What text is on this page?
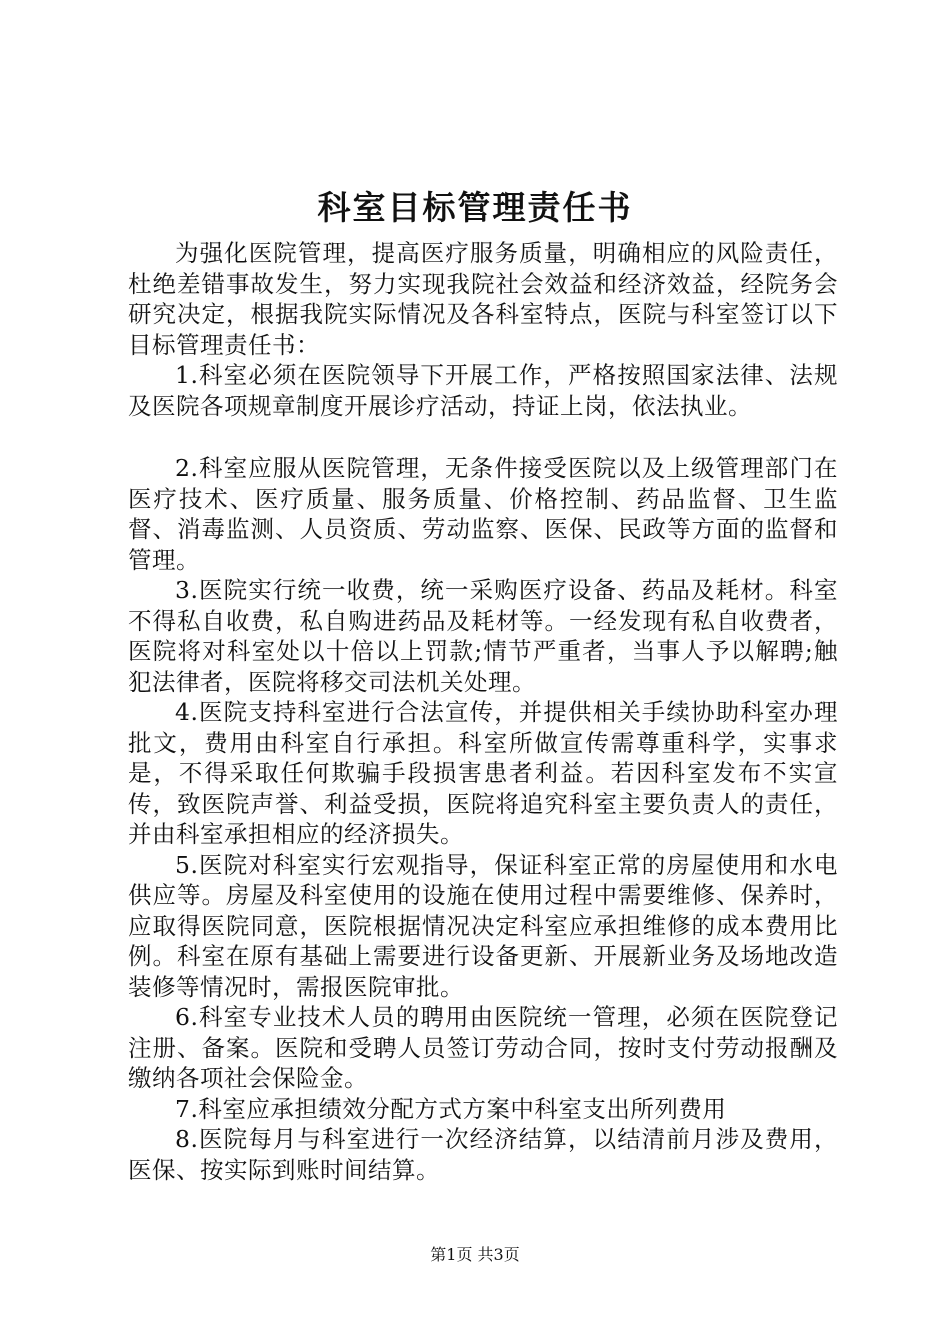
科室目标管理责任书

为强化医院管理，提高医疗服务质量，明确相应的风险责任，杜绝差错事故发生，努力实现我院社会效益和经济效益，经院务会研究决定，根据我院实际情况及各科室特点，医院与科室签订以下目标管理责任书：

1.科室必须在医院领导下开展工作，严格按照国家法律、法规及医院各项规章制度开展诊疗活动，持证上岗，依法执业。

2.科室应服从医院管理，无条件接受医院以及上级管理部门在医疗技术、医疗质量、服务质量、价格控制、药品监督、卫生监督、消毒监测、人员资质、劳动监察、医保、民政等方面的监督和管理。

3.医院实行统一收费，统一采购医疗设备、药品及耗材。科室不得私自收费，私自购进药品及耗材等。一经发现有私自收费者，医院将对科室处以十倍以上罚款;情节严重者，当事人予以解聘;触犯法律者，医院将移交司法机关处理。

4.医院支持科室进行合法宣传，并提供相关手续协助科室办理批文，费用由科室自行承担。科室所做宣传需尊重科学，实事求是，不得采取任何欺骗手段损害患者利益。若因科室发布不实宣传，致医院声誉、利益受损，医院将追究科室主要负责人的责任，并由科室承担相应的经济损失。

5.医院对科室实行宏观指导，保证科室正常的房屋使用和水电供应等。房屋及科室使用的设施在使用过程中需要维修、保养时，应取得医院同意，医院根据情况决定科室应承担维修的成本费用比例。科室在原有基础上需要进行设备更新、开展新业务及场地改造装修等情况时，需报医院审批。

6.科室专业技术人员的聘用由医院统一管理，必须在医院登记注册、备案。医院和受聘人员签订劳动合同，按时支付劳动报酬及缴纳各项社会保险金。

7.科室应承担绩效分配方式方案中科室支出所列费用

8.医院每月与科室进行一次经济结算，以结清前月涉及费用，医保、按实际到账时间结算。

第1页 共3页
